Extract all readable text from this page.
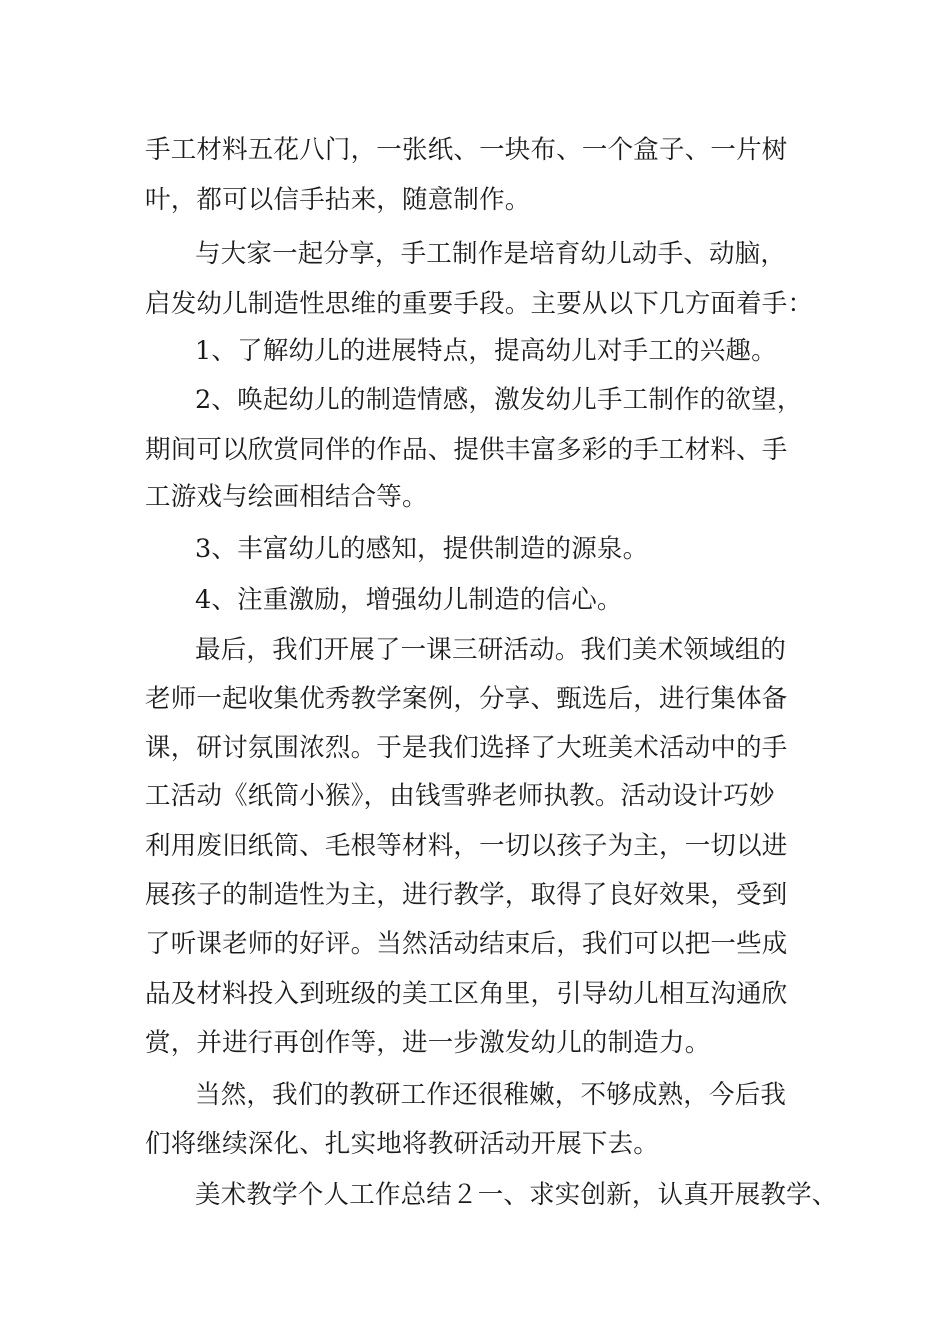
手工材料五花八门，一张纸、一块布、一个盒子、一片树
叶，都可以信手拈来，随意制作。
与大家一起分享，手工制作是培育幼儿动手、动脑，
启发幼儿制造性思维的重要手段。主要从以下几方面着手：
1、了解幼儿的进展特点，提高幼儿对手工的兴趣。
2、唤起幼儿的制造情感，激发幼儿手工制作的欲望，
期间可以欣赏同伴的作品、提供丰富多彩的手工材料、手
工游戏与绘画相结合等。
3、丰富幼儿的感知，提供制造的源泉。
4、注重激励，增强幼儿制造的信心。
最后，我们开展了一课三研活动。我们美术领域组的
老师一起收集优秀教学案例，分享、甄选后，进行集体备
课，研讨氛围浓烈。于是我们选择了大班美术活动中的手
工活动《纸筒小猴》，由钱雪骅老师执教。活动设计巧妙
利用废旧纸筒、毛根等材料，一切以孩子为主，一切以进
展孩子的制造性为主，进行教学，取得了良好效果，受到
了听课老师的好评。当然活动结束后，我们可以把一些成
品及材料投入到班级的美工区角里，引导幼儿相互沟通欣
赏，并进行再创作等，进一步激发幼儿的制造力。
当然，我们的教研工作还很稚嫩，不够成熟，今后我
们将继续深化、扎实地将教研活动开展下去。
美术教学个人工作总结２一、求实创新，认真开展教学、
